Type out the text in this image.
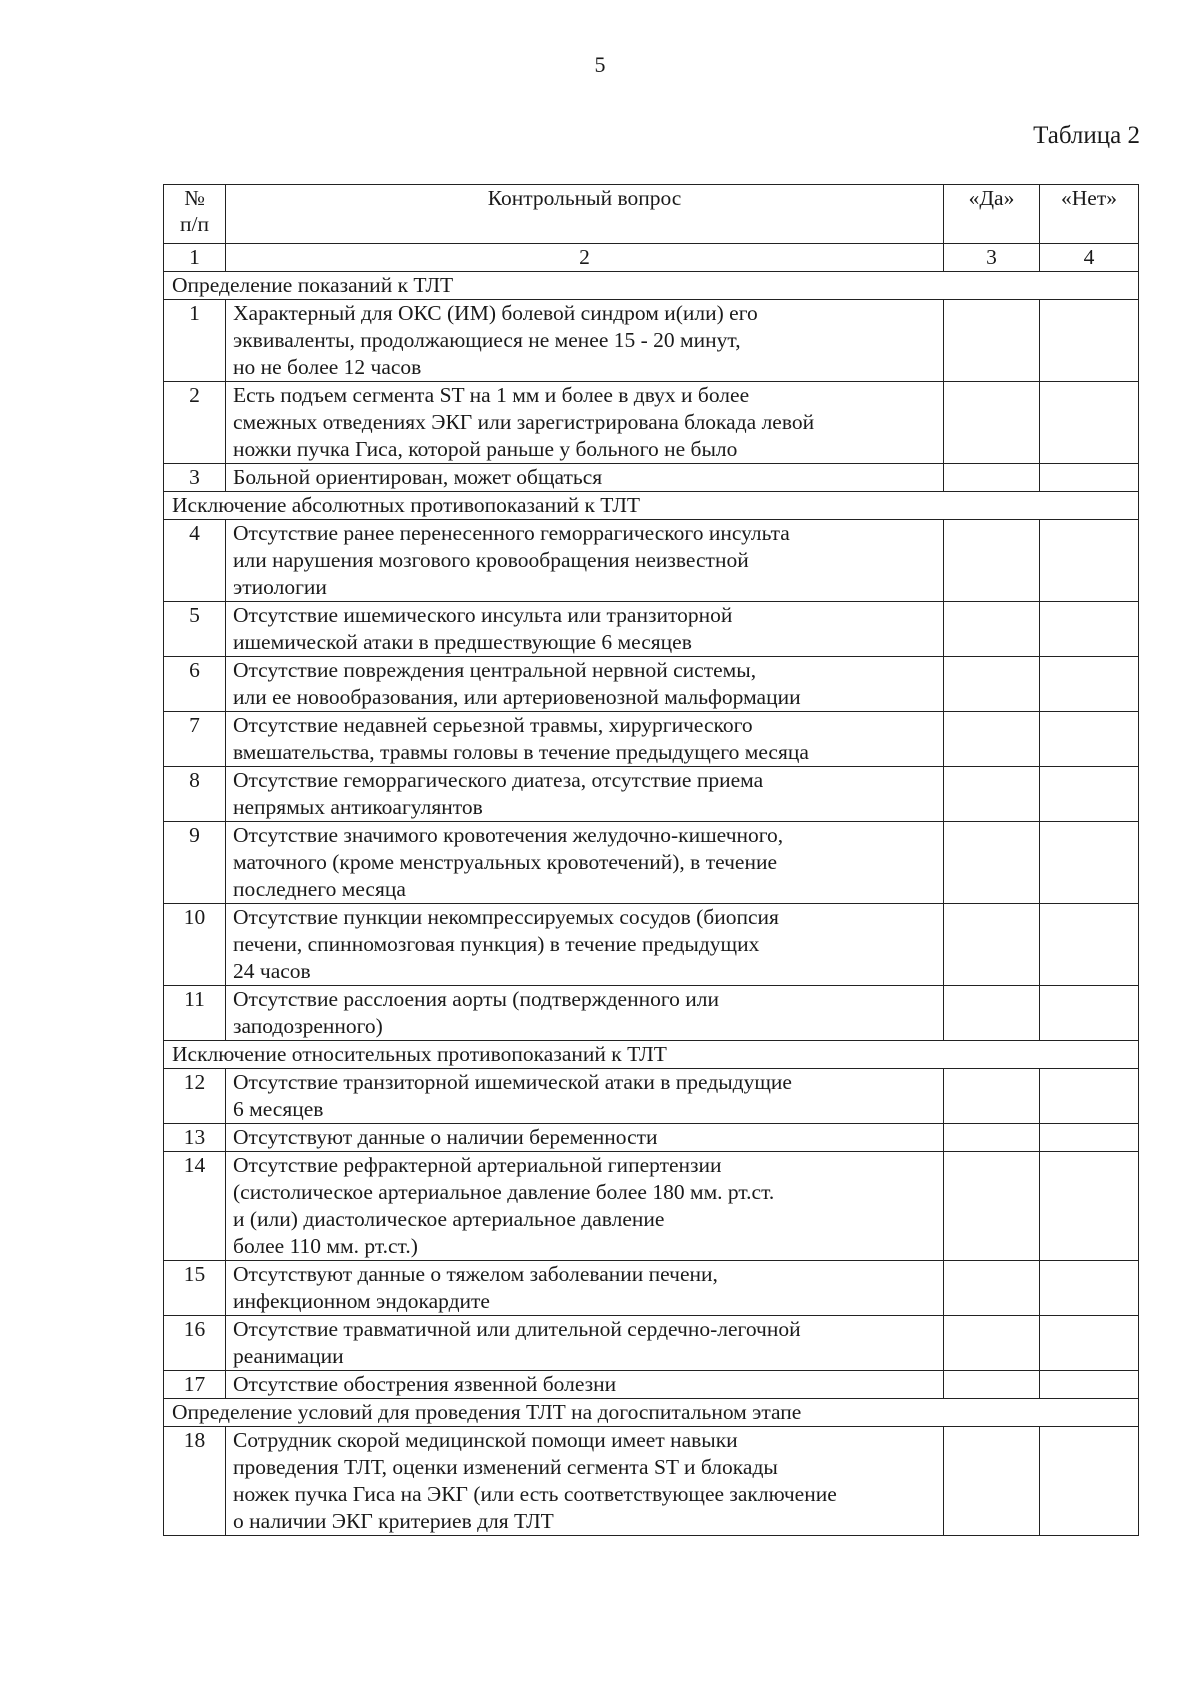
5
Таблица 2
№
п/п	Контрольный вопрос	«Да»	«Нет»
1	2	3	4
Определение показаний к ТЛТ			
1	Характерный для ОКС (ИМ) болевой синдром и(или) его
эквиваленты, продолжающиеся не менее 15 - 20 минут,
но не более 12 часов		
2	Есть подъем сегмента ST на 1 мм и более в двух и более
смежных отведениях ЭКГ или зарегистрирована блокада левой
ножки пучка Гиса, которой раньше у больного не было		
3	Больной ориентирован, может общаться		
Исключение абсолютных противопоказаний к ТЛТ			
4	Отсутствие ранее перенесенного геморрагического инсульта
или нарушения мозгового кровообращения неизвестной
этиологии		
5	Отсутствие ишемического инсульта или транзиторной
ишемической атаки в предшествующие 6 месяцев		
6	Отсутствие повреждения центральной нервной системы,
или ее новообразования, или артериовенозной мальформации		
7	Отсутствие недавней серьезной травмы, хирургического
вмешательства, травмы головы в течение предыдущего месяца		
8	Отсутствие геморрагического диатеза, отсутствие приема
непрямых антикоагулянтов		
9	Отсутствие значимого кровотечения желудочно-кишечного,
маточного (кроме менструальных кровотечений), в течение
последнего месяца		
10	Отсутствие пункции некомпрессируемых сосудов (биопсия
печени, спинномозговая пункция) в течение предыдущих
24 часов		
11	Отсутствие расслоения аорты (подтвержденного или
заподозренного)		
Исключение относительных противопоказаний к ТЛТ			
12	Отсутствие транзиторной ишемической атаки в предыдущие
6 месяцев		
13	Отсутствуют данные о наличии беременности		
14	Отсутствие рефрактерной артериальной гипертензии
(систолическое артериальное давление более 180 мм. рт.ст.
и (или) диастолическое артериальное давление
более 110 мм. рт.ст.)		
15	Отсутствуют данные о тяжелом заболевании печени,
инфекционном эндокардите		
16	Отсутствие травматичной или длительной сердечно-легочной
реанимации		
17	Отсутствие обострения язвенной болезни		
Определение условий для проведения ТЛТ на догоспитальном этапе			
18	Сотрудник скорой медицинской помощи имеет навыки
проведения ТЛТ, оценки изменений сегмента ST и блокады
ножек пучка Гиса на ЭКГ (или есть соответствующее заключение
о наличии ЭКГ критериев для ТЛТ		
